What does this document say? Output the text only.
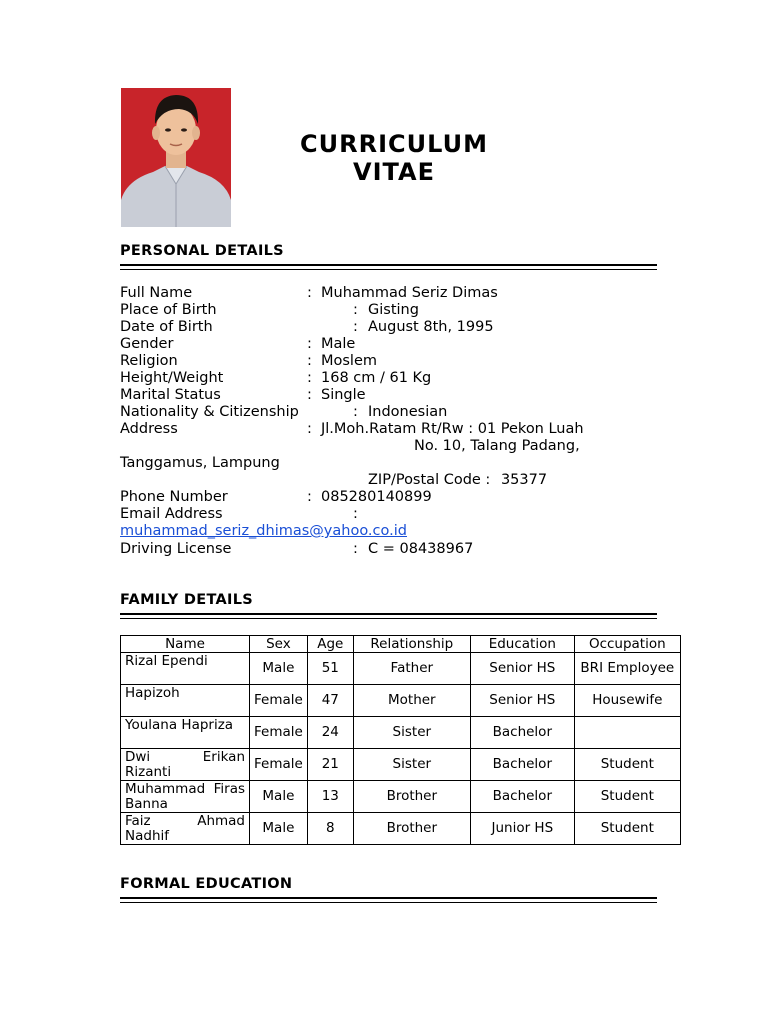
CURRICULUM
VITAE
PERSONAL DETAILS
Full Name	: Muhammad Seriz Dimas
Place of Birth	: Gisting
Date of Birth	: August 8th, 1995
Gender	: Male
Religion	: Moslem
Height/Weight	: 168 cm / 61 Kg
Marital Status	: Single
Nationality & Citizenship	: Indonesian
Address	: Jl.Moh.Ratam Rt/Rw : 01 Pekon Luah
No. 10, Talang Padang,
Tanggamus, Lampung
ZIP/Postal Code : 35377
Phone Number	: 085280140899
Email Address	:
muhammad_seriz_dhimas@yahoo.co.id
Driving License	: C = 08438967
FAMILY DETAILS
Name	Sex	Age	Relationship	Education	Occupation
Rizal Ependi	Male	51	Father	Senior HS	BRI Employee
Hapizoh	Female	47	Mother	Senior HS	Housewife
Youlana Hapriza	Female	24	Sister	Bachelor	
Dwi Erikan Rizanti	Female	21	Sister	Bachelor	Student
Muhammad Firas Banna	Male	13	Brother	Bachelor	Student
Faiz Ahmad Nadhif	Male	8	Brother	Junior HS	Student
FORMAL EDUCATION
